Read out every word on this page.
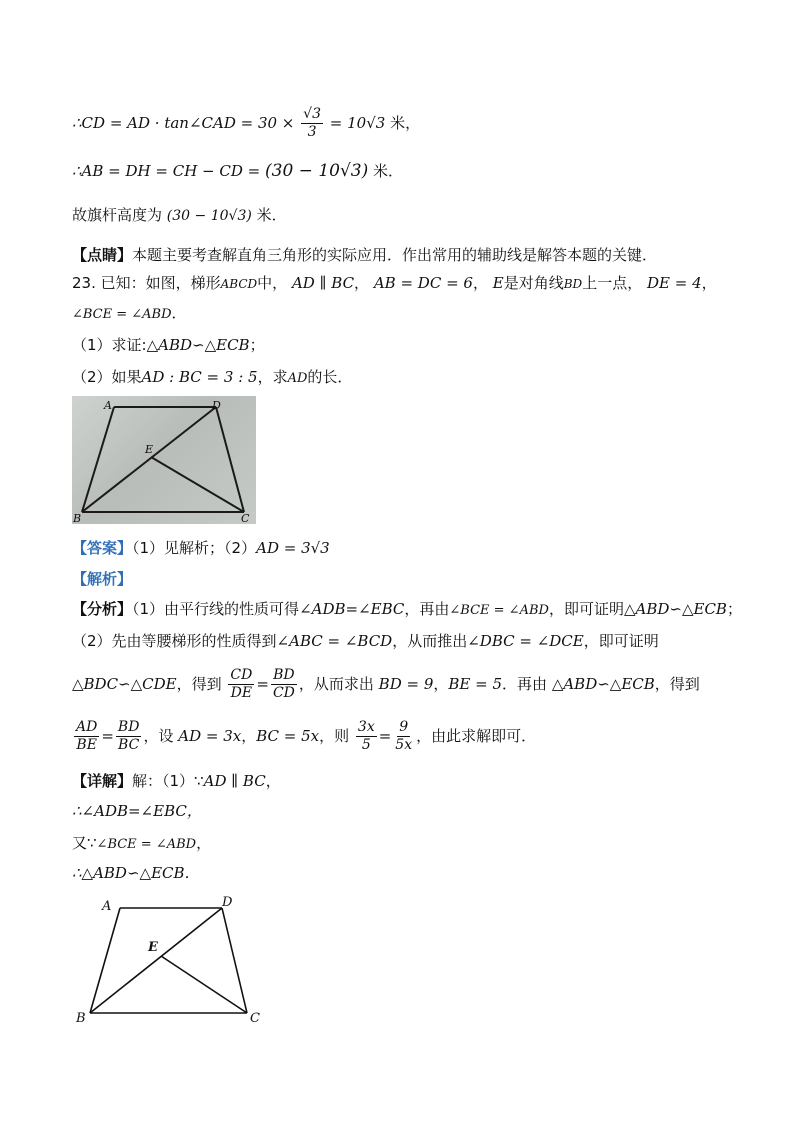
∴CD = AD · tan∠CAD = $30 \times \frac{√3}{3} = 10√3$ 米，
∴AB = DH = CH − CD = (30 − 10√3) 米．
故旗杆高度为 (30 − 10√3) 米．
【点睛】本题主要考查解直角三角形的实际应用．作出常用的辅助线是解答本题的关键．
23. 已知：如图，梯形ABCD中， AD ∥ BC， AB = DC = 6， E是对角线BD上一点， DE = 4，
∠BCE = ∠ABD．
（1）求证:△ABD∽△ECB；
（2）如果AD : BC = 3 : 5，求AD的长．
A	D
E
B	C
【答案】（1）见解析；（2）AD = 3√3
【解析】
【分析】（1）由平行线的性质可得∠ADB=∠EBC，再由∠BCE = ∠ABD，即可证明△ABD∽△ECB；
（2）先由等腰梯形的性质得到∠ABC = ∠BCD，从而推出∠DBC = ∠DCE，即可证明
△BDC∽△CDE，得到 $\frac{CD}{DE} = \frac{BD}{CD}$ ，从而求出 BD = 9，BE = 5．再由 △ABD∽△ECB，得到
$\frac{AD}{BE} = \frac{BD}{BC}$ ，设 AD = 3x，BC = 5x，则 $\frac{3x}{5} = \frac{9}{5x}$ ，由此求解即可．
【详解】解：（1）∵AD ∥ BC，
∴∠ADB=∠EBC，
又∵∠BCE = ∠ABD，
∴△ABD∽△ECB．
A	D
E
B	C
